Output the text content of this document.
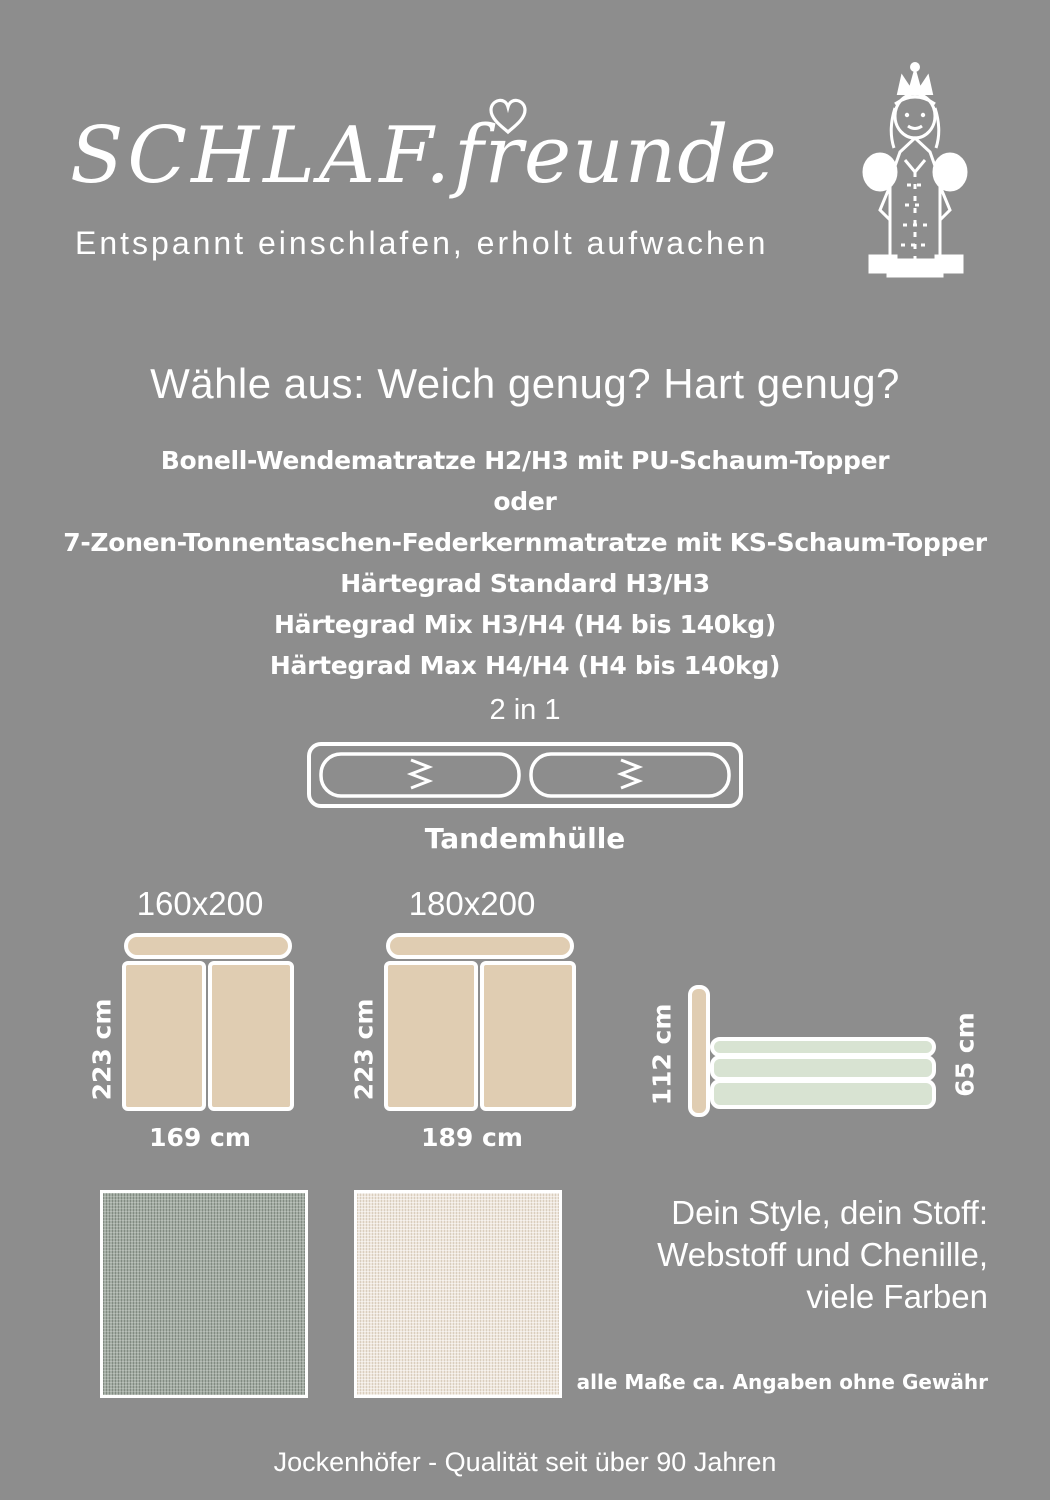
SCHLAF.freunde
Entspannt einschlafen, erholt aufwachen
Wähle aus: Weich genug? Hart genug?
Bonell-Wendematratze H2/H3 mit PU-Schaum-Topper
oder
7-Zonen-Tonnentaschen-Federkernmatratze mit KS-Schaum-Topper
Härtegrad Standard H3/H3
Härtegrad Mix H3/H4 (H4 bis 140kg)
Härtegrad Max H4/H4 (H4 bis 140kg)
2 in 1
Tandemhülle
160x200
223 cm
169 cm
180x200
223 cm
189 cm
112 cm	65 cm
Dein Style, dein Stoff:
Webstoff und Chenille,
viele Farben
alle Maße ca. Angaben ohne Gewähr
Jockenhöfer - Qualität seit über 90 Jahren
